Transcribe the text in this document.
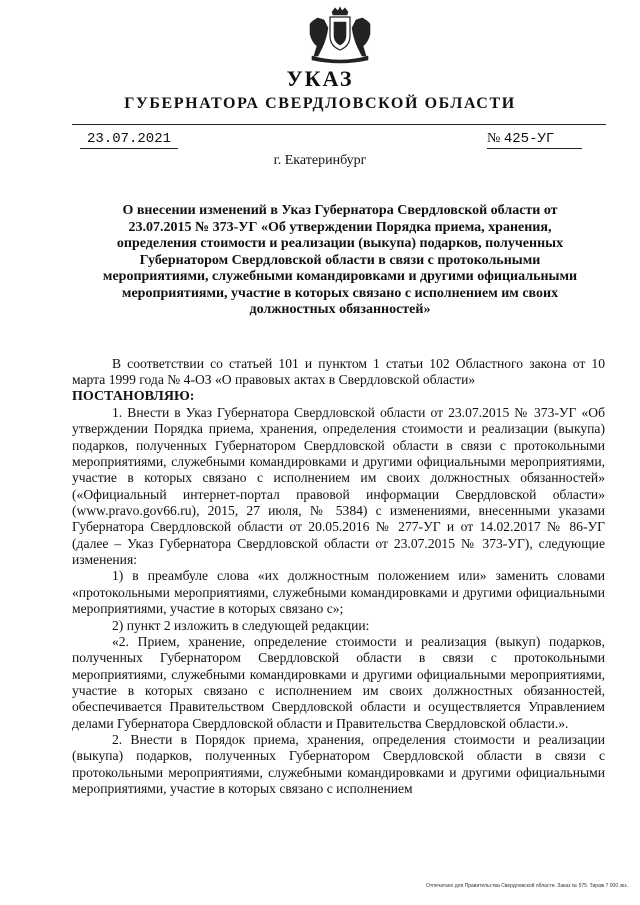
УКАЗ
ГУБЕРНАТОРА СВЕРДЛОВСКОЙ ОБЛАСТИ
23.07.2021	№ 425-УГ
г. Екатеринбург

О внесении изменений в Указ Губернатора Свердловской области от 23.07.2015 № 373-УГ «Об утверждении Порядка приема, хранения, определения стоимости и реализации (выкупа) подарков, полученных Губернатором Свердловской области в связи с протокольными мероприятиями, служебными командировками и другими официальными мероприятиями, участие в которых связано с исполнением им своих должностных обязанностей»

В соответствии со статьей 101 и пунктом 1 статьи 102 Областного закона от 10 марта 1999 года № 4-ОЗ «О правовых актах в Свердловской области»

ПОСТАНОВЛЯЮ:

1. Внести в Указ Губернатора Свердловской области от 23.07.2015 № 373-УГ «Об утверждении Порядка приема, хранения, определения стоимости и реализации (выкупа) подарков, полученных Губернатором Свердловской области в связи с протокольными мероприятиями, служебными командировками и другими официальными мероприятиями, участие в которых связано с исполнением им своих должностных обязанностей» («Официальный интернет-портал правовой информации Свердловской области» (www.pravo.gov66.ru), 2015, 27 июля, № 5384) с изменениями, внесенными указами Губернатора Свердловской области от 20.05.2016 № 277-УГ и от 14.02.2017 № 86-УГ (далее – Указ Губернатора Свердловской области от 23.07.2015 № 373-УГ), следующие изменения:

1) в преамбуле слова «их должностным положением или» заменить словами «протокольными мероприятиями, служебными командировками и другими официальными мероприятиями, участие в которых связано с»;

2) пункт 2 изложить в следующей редакции:

«2. Прием, хранение, определение стоимости и реализация (выкуп) подарков, полученных Губернатором Свердловской области в связи с протокольными мероприятиями, служебными командировками и другими официальными мероприятиями, участие в которых связано с исполнением им своих должностных обязанностей, обеспечивается Правительством Свердловской области и осуществляется Управлением делами Губернатора Свердловской области и Правительства Свердловской области.».

2. Внести в Порядок приема, хранения, определения стоимости и реализации (выкупа) подарков, полученных Губернатором Свердловской области в связи с протокольными мероприятиями, служебными командировками и другими официальными мероприятиями, участие в которых связано с исполнением

Отпечатано для Правительства Свердловской области. Заказ № 575. Тираж 7 000 экз.
